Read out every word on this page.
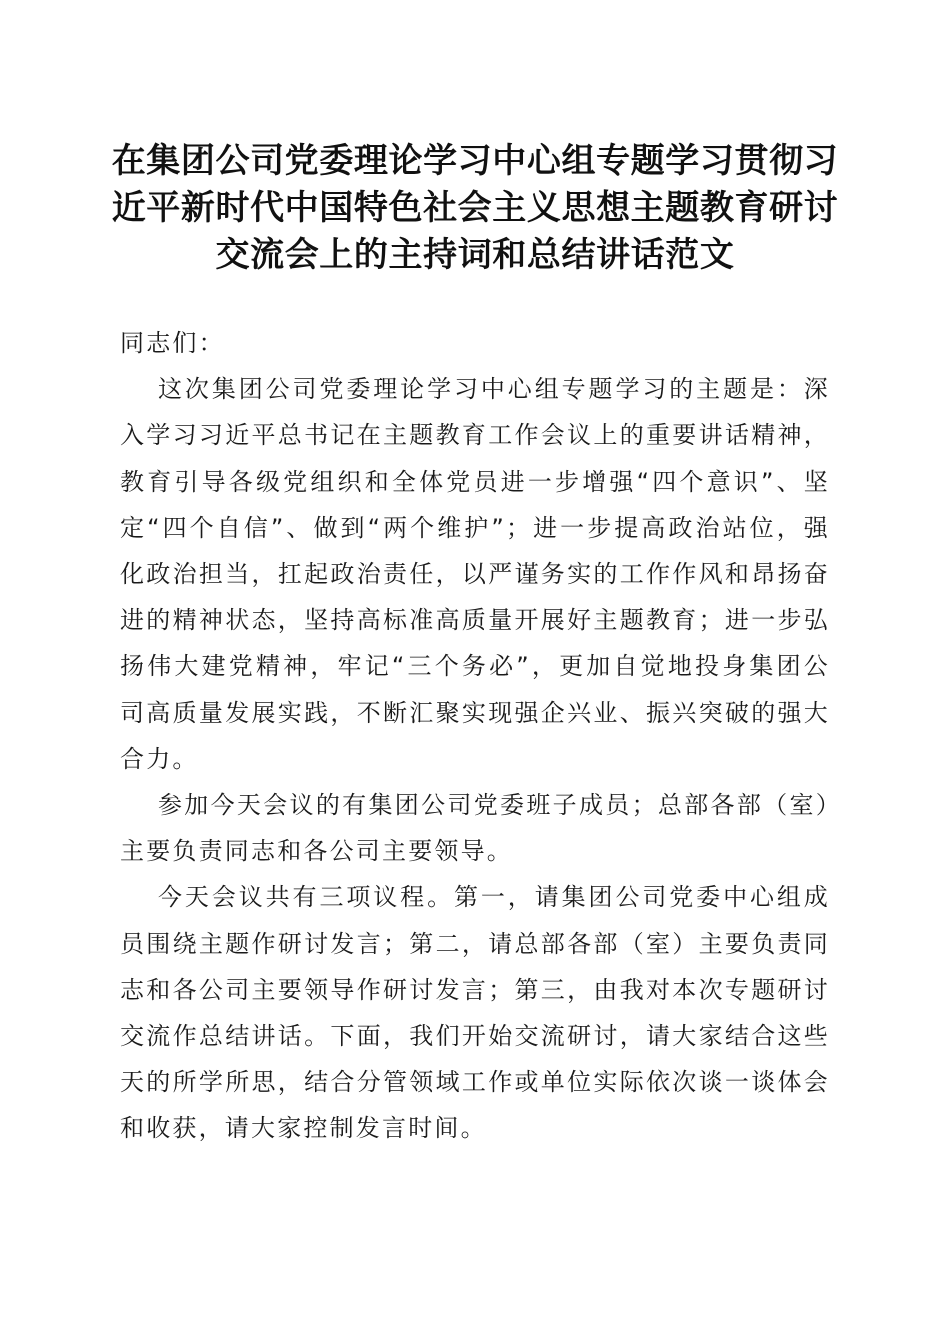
在集团公司党委理论学习中心组专题学习贯彻习近平新时代中国特色社会主义思想主题教育研讨交流会上的主持词和总结讲话范文

同志们：

这次集团公司党委理论学习中心组专题学习的主题是：深入学习习近平总书记在主题教育工作会议上的重要讲话精神，教育引导各级党组织和全体党员进一步增强“四个意识”、坚定“四个自信”、做到“两个维护”；进一步提高政治站位，强化政治担当，扛起政治责任，以严谨务实的工作作风和昂扬奋进的精神状态，坚持高标准高质量开展好主题教育；进一步弘扬伟大建党精神，牢记“三个务必”，更加自觉地投身集团公司高质量发展实践，不断汇聚实现强企兴业、振兴突破的强大合力。

参加今天会议的有集团公司党委班子成员；总部各部（室）主要负责同志和各公司主要领导。

今天会议共有三项议程。第一，请集团公司党委中心组成员围绕主题作研讨发言；第二，请总部各部（室）主要负责同志和各公司主要领导作研讨发言；第三，由我对本次专题研讨交流作总结讲话。下面，我们开始交流研讨，请大家结合这些天的所学所思，结合分管领域工作或单位实际依次谈一谈体会和收获，请大家控制发言时间。
